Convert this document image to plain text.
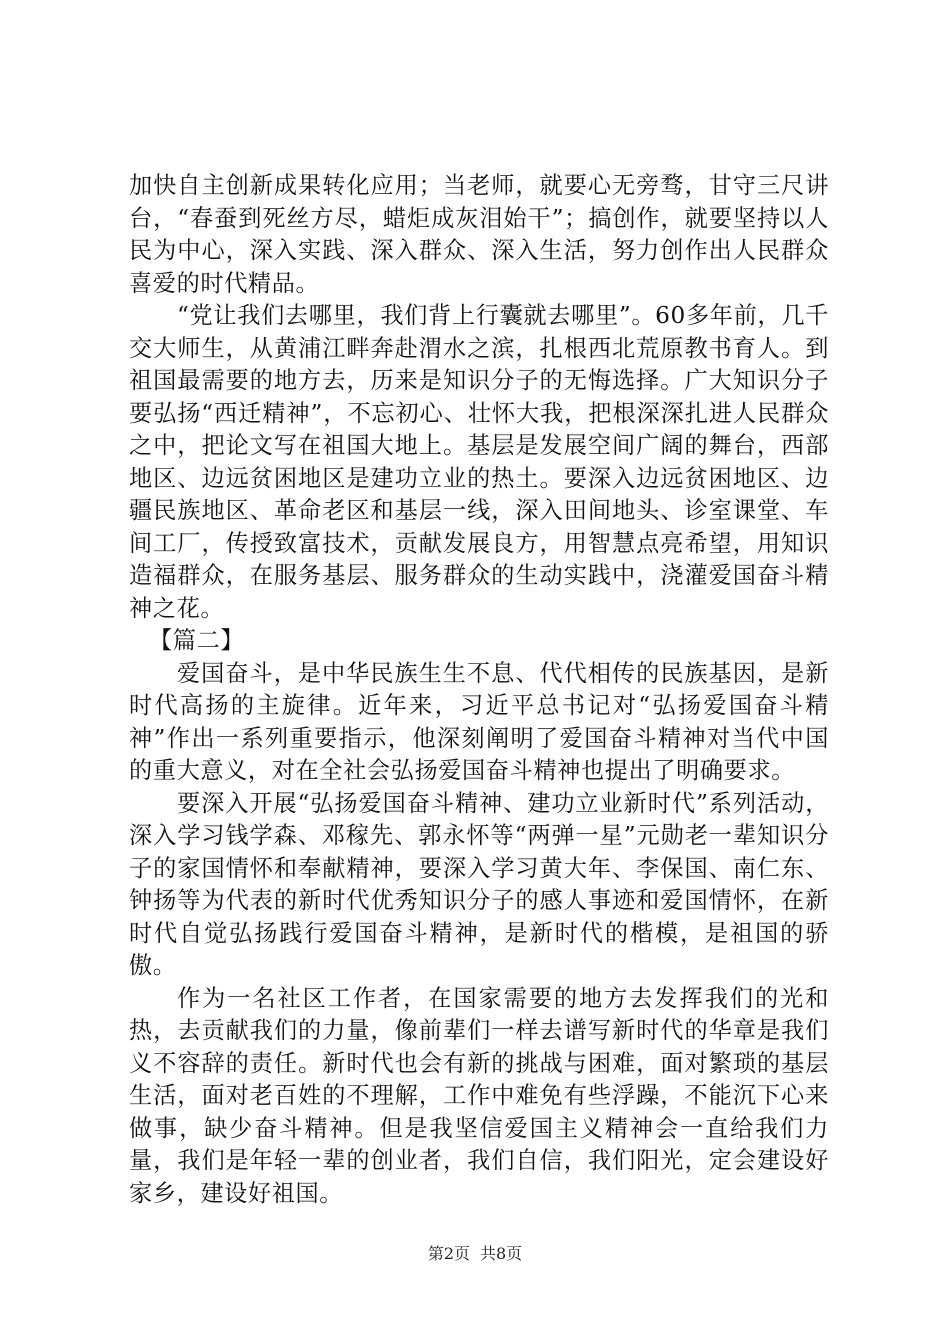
加快自主创新成果转化应用；当老师，就要心无旁骛，甘守三尺讲台，“春蚕到死丝方尽，蜡炬成灰泪始干”；搞创作，就要坚持以人民为中心，深入实践、深入群众、深入生活，努力创作出人民群众喜爱的时代精品。

“党让我们去哪里，我们背上行囊就去哪里”。60多年前，几千交大师生，从黄浦江畔奔赴渭水之滨，扎根西北荒原教书育人。到祖国最需要的地方去，历来是知识分子的无悔选择。广大知识分子要弘扬“西迁精神”，不忘初心、壮怀大我，把根深深扎进人民群众之中，把论文写在祖国大地上。基层是发展空间广阔的舞台，西部地区、边远贫困地区是建功立业的热土。要深入边远贫困地区、边疆民族地区、革命老区和基层一线，深入田间地头、诊室课堂、车间工厂，传授致富技术，贡献发展良方，用智慧点亮希望，用知识造福群众，在服务基层、服务群众的生动实践中，浇灌爱国奋斗精神之花。

【篇二】

爱国奋斗，是中华民族生生不息、代代相传的民族基因，是新时代高扬的主旋律。近年来，习近平总书记对“弘扬爱国奋斗精神”作出一系列重要指示，他深刻阐明了爱国奋斗精神对当代中国的重大意义，对在全社会弘扬爱国奋斗精神也提出了明确要求。

要深入开展“弘扬爱国奋斗精神、建功立业新时代”系列活动，深入学习钱学森、邓稼先、郭永怀等“两弹一星”元勋老一辈知识分子的家国情怀和奉献精神，要深入学习黄大年、李保国、南仁东、钟扬等为代表的新时代优秀知识分子的感人事迹和爱国情怀，在新时代自觉弘扬践行爱国奋斗精神，是新时代的楷模，是祖国的骄傲。

作为一名社区工作者，在国家需要的地方去发挥我们的光和热，去贡献我们的力量，像前辈们一样去谱写新时代的华章是我们义不容辞的责任。新时代也会有新的挑战与困难，面对繁琐的基层生活，面对老百姓的不理解，工作中难免有些浮躁，不能沉下心来做事，缺少奋斗精神。但是我坚信爱国主义精神会一直给我们力量，我们是年轻一辈的创业者，我们自信，我们阳光，定会建设好家乡，建设好祖国。

第2页 共8页
